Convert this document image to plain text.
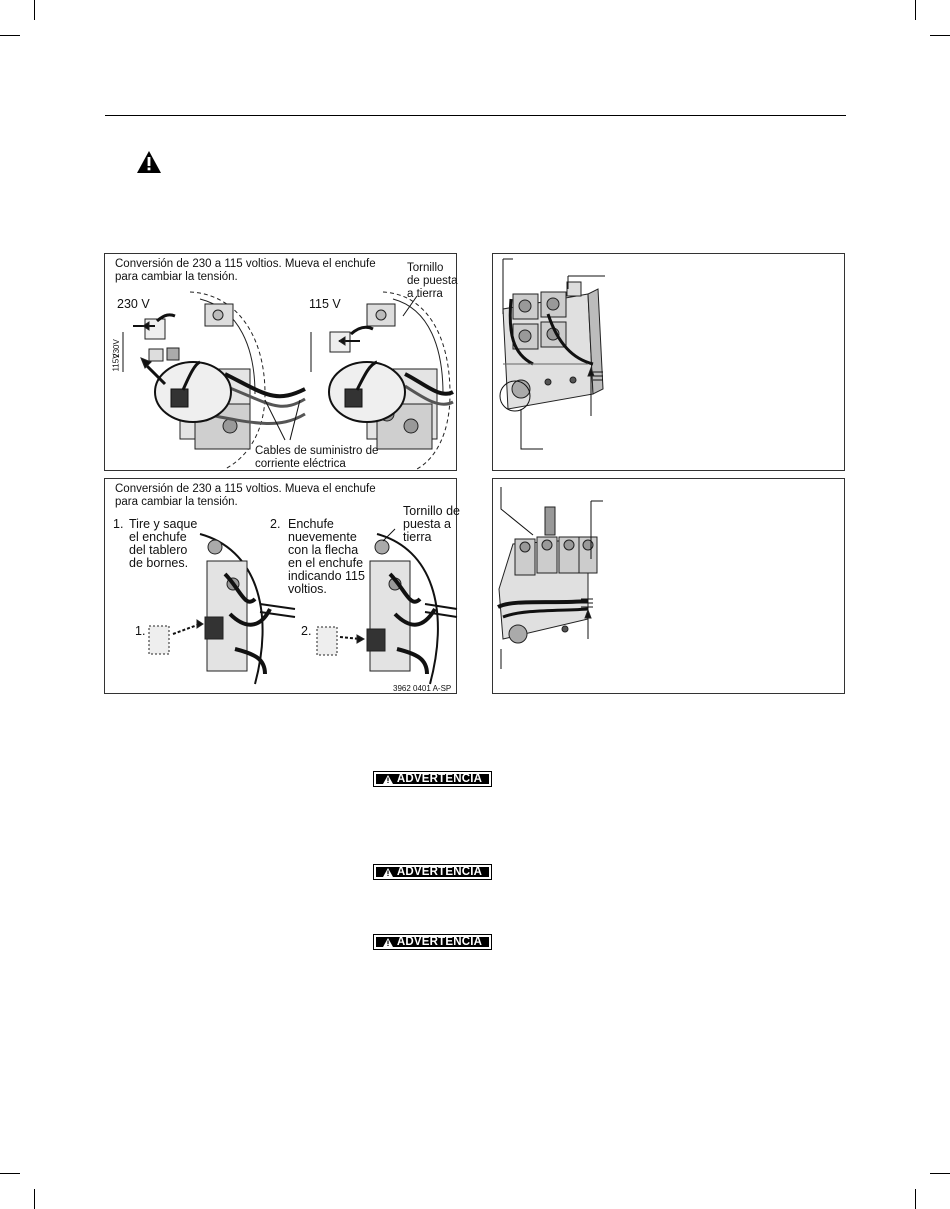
Conversión de 230 a 115 voltios. Mueva el enchufe
para cambiar la tensión.
Tornillo de puesta a tierra
230 V	115 V
230V
115V
Cables de suministro de corriente eléctrica
Conversión de 230 a 115 voltios. Mueva el enchufe
para cambiar la tensión.
1. Tire y saque el enchufe del tablero de bornes.
2. Enchufe nuevemente con la flecha en el enchufe indicando 115 voltios.
Tornillo de puesta a tierra
1.	2.
3962 0401 A-SP
ADVERTENCIA
ADVERTENCIA
ADVERTENCIA
